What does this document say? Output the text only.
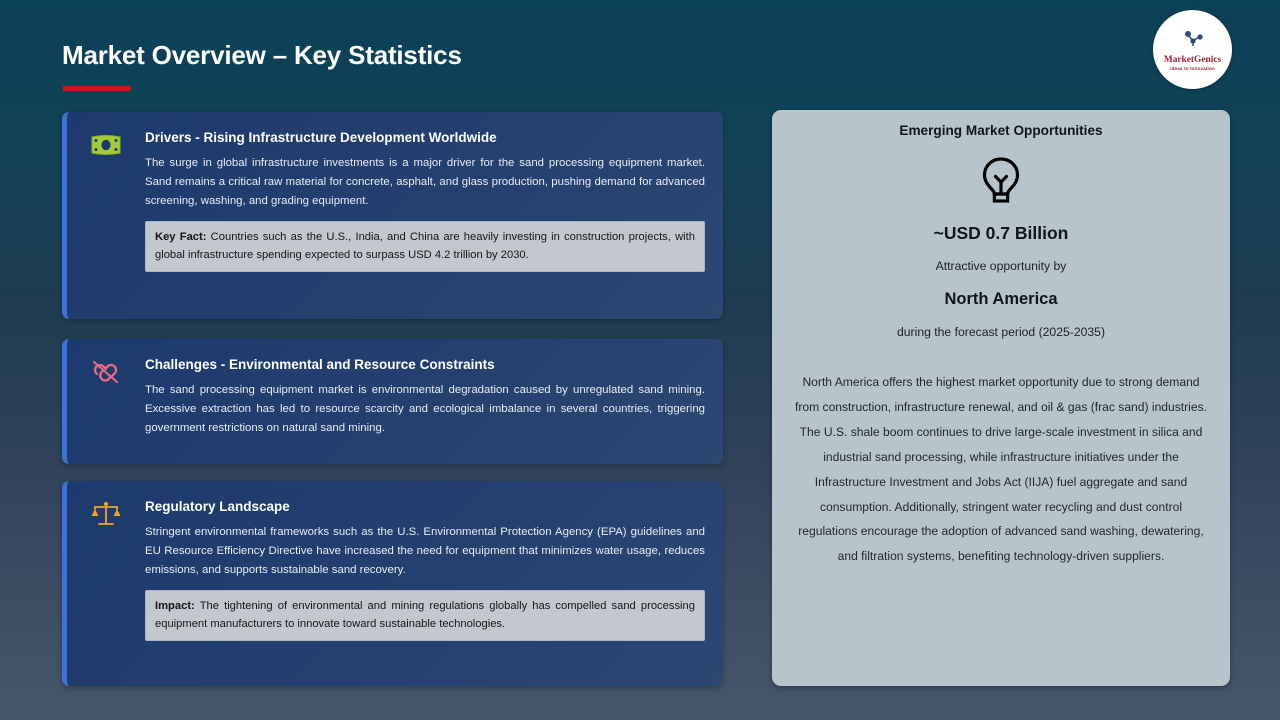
Market Overview – Key Statistics	MarketGenics
Ideas to Innovation
Drivers - Rising Infrastructure Development Worldwide
The surge in global infrastructure investments is a major driver for the sand processing equipment market. Sand remains a critical raw material for concrete, asphalt, and glass production, pushing demand for advanced screening, washing, and grading equipment.
Key Fact: Countries such as the U.S., India, and China are heavily investing in construction projects, with global infrastructure spending expected to surpass USD 4.2 trillion by 2030.
Challenges - Environmental and Resource Constraints
The sand processing equipment market is environmental degradation caused by unregulated sand mining. Excessive extraction has led to resource scarcity and ecological imbalance in several countries, triggering government restrictions on natural sand mining.
Regulatory Landscape
Stringent environmental frameworks such as the U.S. Environmental Protection Agency (EPA) guidelines and EU Resource Efficiency Directive have increased the need for equipment that minimizes water usage, reduces emissions, and supports sustainable sand recovery.
Impact: The tightening of environmental and mining regulations globally has compelled sand processing equipment manufacturers to innovate toward sustainable technologies.
Emerging Market Opportunities
~USD 0.7 Billion
Attractive opportunity by
North America
during the forecast period (2025-2035)
North America offers the highest market opportunity due to strong demand from construction, infrastructure renewal, and oil & gas (frac sand) industries. The U.S. shale boom continues to drive large-scale investment in silica and industrial sand processing, while infrastructure initiatives under the Infrastructure Investment and Jobs Act (IIJA) fuel aggregate and sand consumption. Additionally, stringent water recycling and dust control regulations encourage the adoption of advanced sand washing, dewatering, and filtration systems, benefiting technology-driven suppliers.
